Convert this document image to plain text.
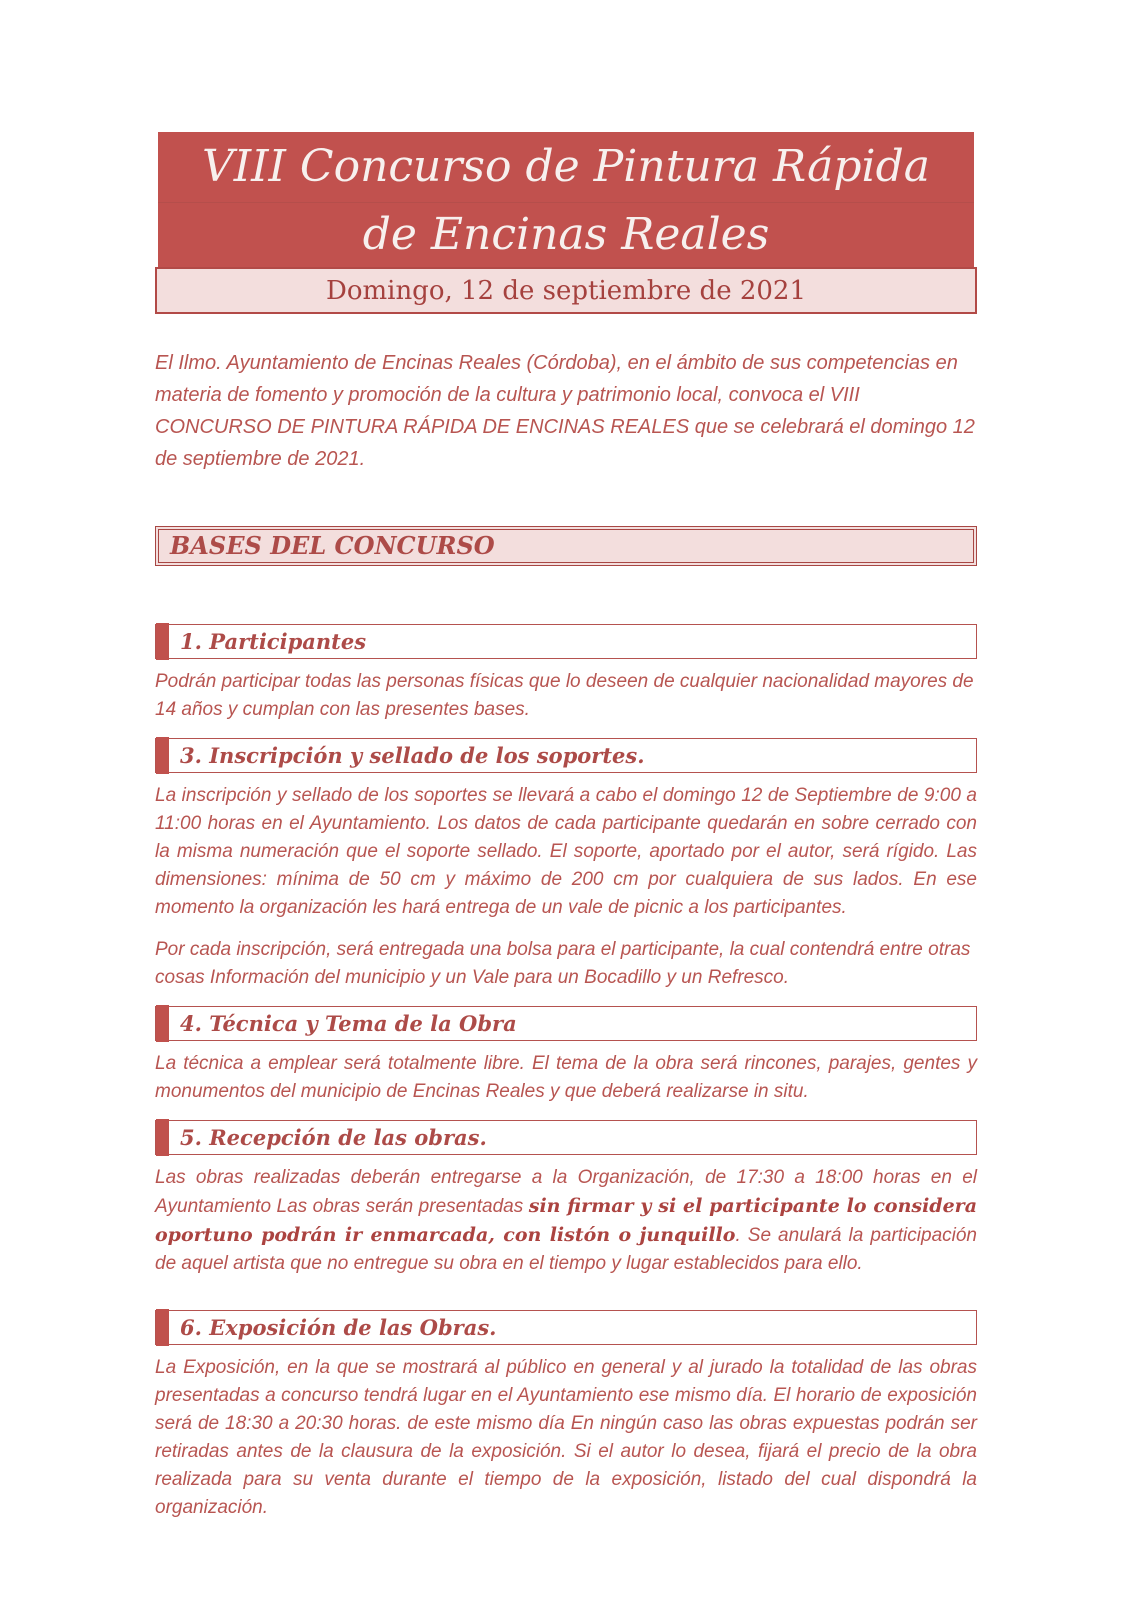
VIII Concurso de Pintura Rápida
de Encinas Reales
Domingo, 12 de septiembre de 2021

El Ilmo. Ayuntamiento de Encinas Reales (Córdoba), en el ámbito de sus competencias en materia de fomento y promoción de la cultura y patrimonio local, convoca el VIII CONCURSO DE PINTURA RÁPIDA DE ENCINAS REALES que se celebrará el domingo 12 de septiembre de 2021.

BASES DEL CONCURSO
1. Participantes

Podrán participar todas las personas físicas que lo deseen de cualquier nacionalidad mayores de 14 años y cumplan con las presentes bases.

3. Inscripción y sellado de los soportes.

La inscripción y sellado de los soportes se llevará a cabo el domingo 12 de Septiembre de 9:00 a 11:00 horas en el Ayuntamiento. Los datos de cada participante quedarán en sobre cerrado con la misma numeración que el soporte sellado. El soporte, aportado por el autor, será rígido. Las dimensiones: mínima de 50 cm y máximo de 200 cm por cualquiera de sus lados. En ese momento la organización les hará entrega de un vale de picnic a los participantes.

Por cada inscripción, será entregada una bolsa para el participante, la cual contendrá entre otras cosas Información del municipio y un Vale para un Bocadillo y un Refresco.

4. Técnica y Tema de la Obra

La técnica a emplear será totalmente libre. El tema de la obra será rincones, parajes, gentes y monumentos del municipio de Encinas Reales y que deberá realizarse in situ.

5. Recepción de las obras.

Las obras realizadas deberán entregarse a la Organización, de 17:30 a 18:00 horas en el Ayuntamiento Las obras serán presentadas sin firmar y si el participante lo considera oportuno podrán ir enmarcada, con listón o junquillo. Se anulará la participación de aquel artista que no entregue su obra en el tiempo y lugar establecidos para ello.

6. Exposición de las Obras.

La Exposición, en la que se mostrará al público en general y al jurado la totalidad de las obras presentadas a concurso tendrá lugar en el Ayuntamiento ese mismo día. El horario de exposición será de 18:30 a 20:30 horas. de este mismo día En ningún caso las obras expuestas podrán ser retiradas antes de la clausura de la exposición. Si el autor lo desea, fijará el precio de la obra realizada para su venta durante el tiempo de la exposición, listado del cual dispondrá la organización.
